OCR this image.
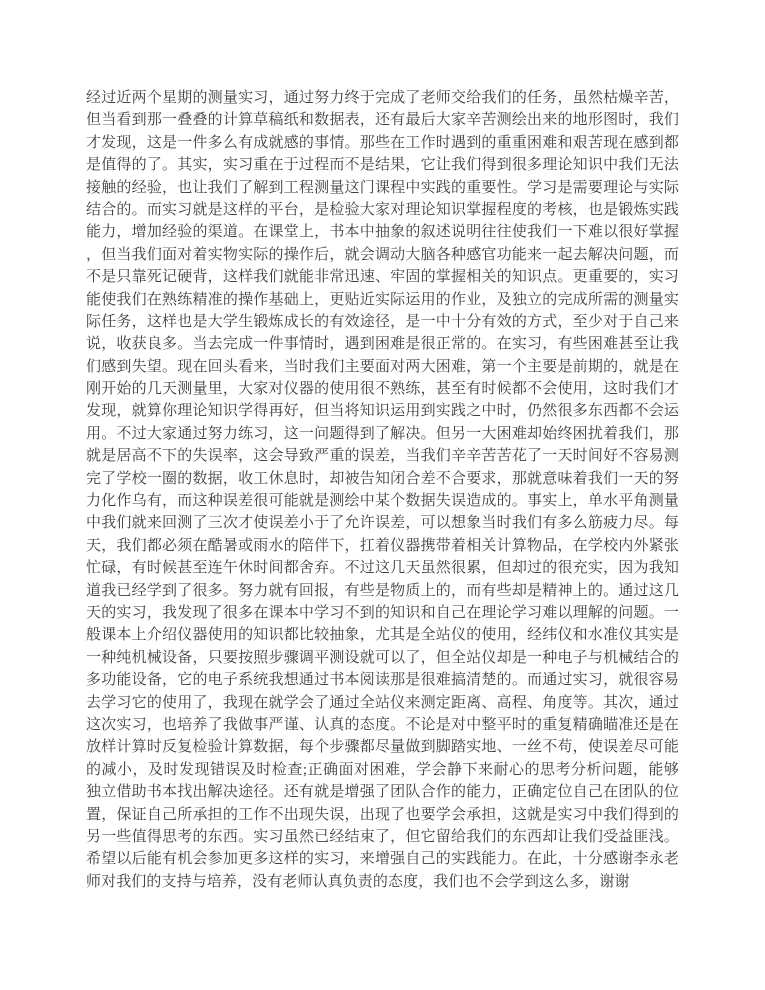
经过近两个星期的测量实习，通过努力终于完成了老师交给我们的任务，虽然枯燥辛苦，
但当看到那一叠叠的计算草稿纸和数据表，还有最后大家辛苦测绘出来的地形图时，我们
才发现，这是一件多么有成就感的事情。那些在工作时遇到的重重困难和艰苦现在感到都
是值得的了。其实，实习重在于过程而不是结果，它让我们得到很多理论知识中我们无法
接触的经验，也让我们了解到工程测量这门课程中实践的重要性。学习是需要理论与实际
结合的。而实习就是这样的平台，是检验大家对理论知识掌握程度的考核，也是锻炼实践
能力，增加经验的渠道。在课堂上，书本中抽象的叙述说明往往使我们一下难以很好掌握
，但当我们面对着实物实际的操作后，就会调动大脑各种感官功能来一起去解决问题，而
不是只靠死记硬背，这样我们就能非常迅速、牢固的掌握相关的知识点。更重要的，实习
能使我们在熟练精准的操作基础上，更贴近实际运用的作业，及独立的完成所需的测量实
际任务，这样也是大学生锻炼成长的有效途径，是一中十分有效的方式，至少对于自己来
说，收获良多。当去完成一件事情时，遇到困难是很正常的。在实习，有些困难甚至让我
们感到失望。现在回头看来，当时我们主要面对两大困难，第一个主要是前期的，就是在
刚开始的几天测量里，大家对仪器的使用很不熟练，甚至有时候都不会使用，这时我们才
发现，就算你理论知识学得再好，但当将知识运用到实践之中时，仍然很多东西都不会运
用。不过大家通过努力练习，这一问题得到了解决。但另一大困难却始终困扰着我们，那
就是居高不下的失误率，这会导致严重的误差，当我们辛辛苦苦花了一天时间好不容易测
完了学校一圈的数据，收工休息时，却被告知闭合差不合要求，那就意味着我们一天的努
力化作乌有，而这种误差很可能就是测绘中某个数据失误造成的。事实上，单水平角测量
中我们就来回测了三次才使误差小于了允许误差，可以想象当时我们有多么筋疲力尽。每
天，我们都必须在酷暑或雨水的陪伴下，扛着仪器携带着相关计算物品，在学校内外紧张
忙碌，有时候甚至连午休时间都舍弃。不过这几天虽然很累，但却过的很充实，因为我知
道我已经学到了很多。努力就有回报，有些是物质上的，而有些却是精神上的。通过这几
天的实习，我发现了很多在课本中学习不到的知识和自己在理论学习难以理解的问题。一
般课本上介绍仪器使用的知识都比较抽象，尤其是全站仪的使用，经纬仪和水准仪其实是
一种纯机械设备，只要按照步骤调平测设就可以了，但全站仪却是一种电子与机械结合的
多功能设备，它的电子系统我想通过书本阅读那是很难搞清楚的。而通过实习，就很容易
去学习它的使用了，我现在就学会了通过全站仪来测定距离、高程、角度等。其次，通过
这次实习，也培养了我做事严谨、认真的态度。不论是对中整平时的重复精确瞄准还是在
放样计算时反复检验计算数据，每个步骤都尽量做到脚踏实地、一丝不苟，使误差尽可能
的减小，及时发现错误及时检查;正确面对困难，学会静下来耐心的思考分析问题，能够
独立借助书本找出解决途径。还有就是增强了团队合作的能力，正确定位自己在团队的位
置，保证自己所承担的工作不出现失误，出现了也要学会承担，这就是实习中我们得到的
另一些值得思考的东西。实习虽然已经结束了，但它留给我们的东西却让我们受益匪浅。
希望以后能有机会参加更多这样的实习，来增强自己的实践能力。在此，十分感谢李永老
师对我们的支持与培养，没有老师认真负责的态度，我们也不会学到这么多，谢谢
